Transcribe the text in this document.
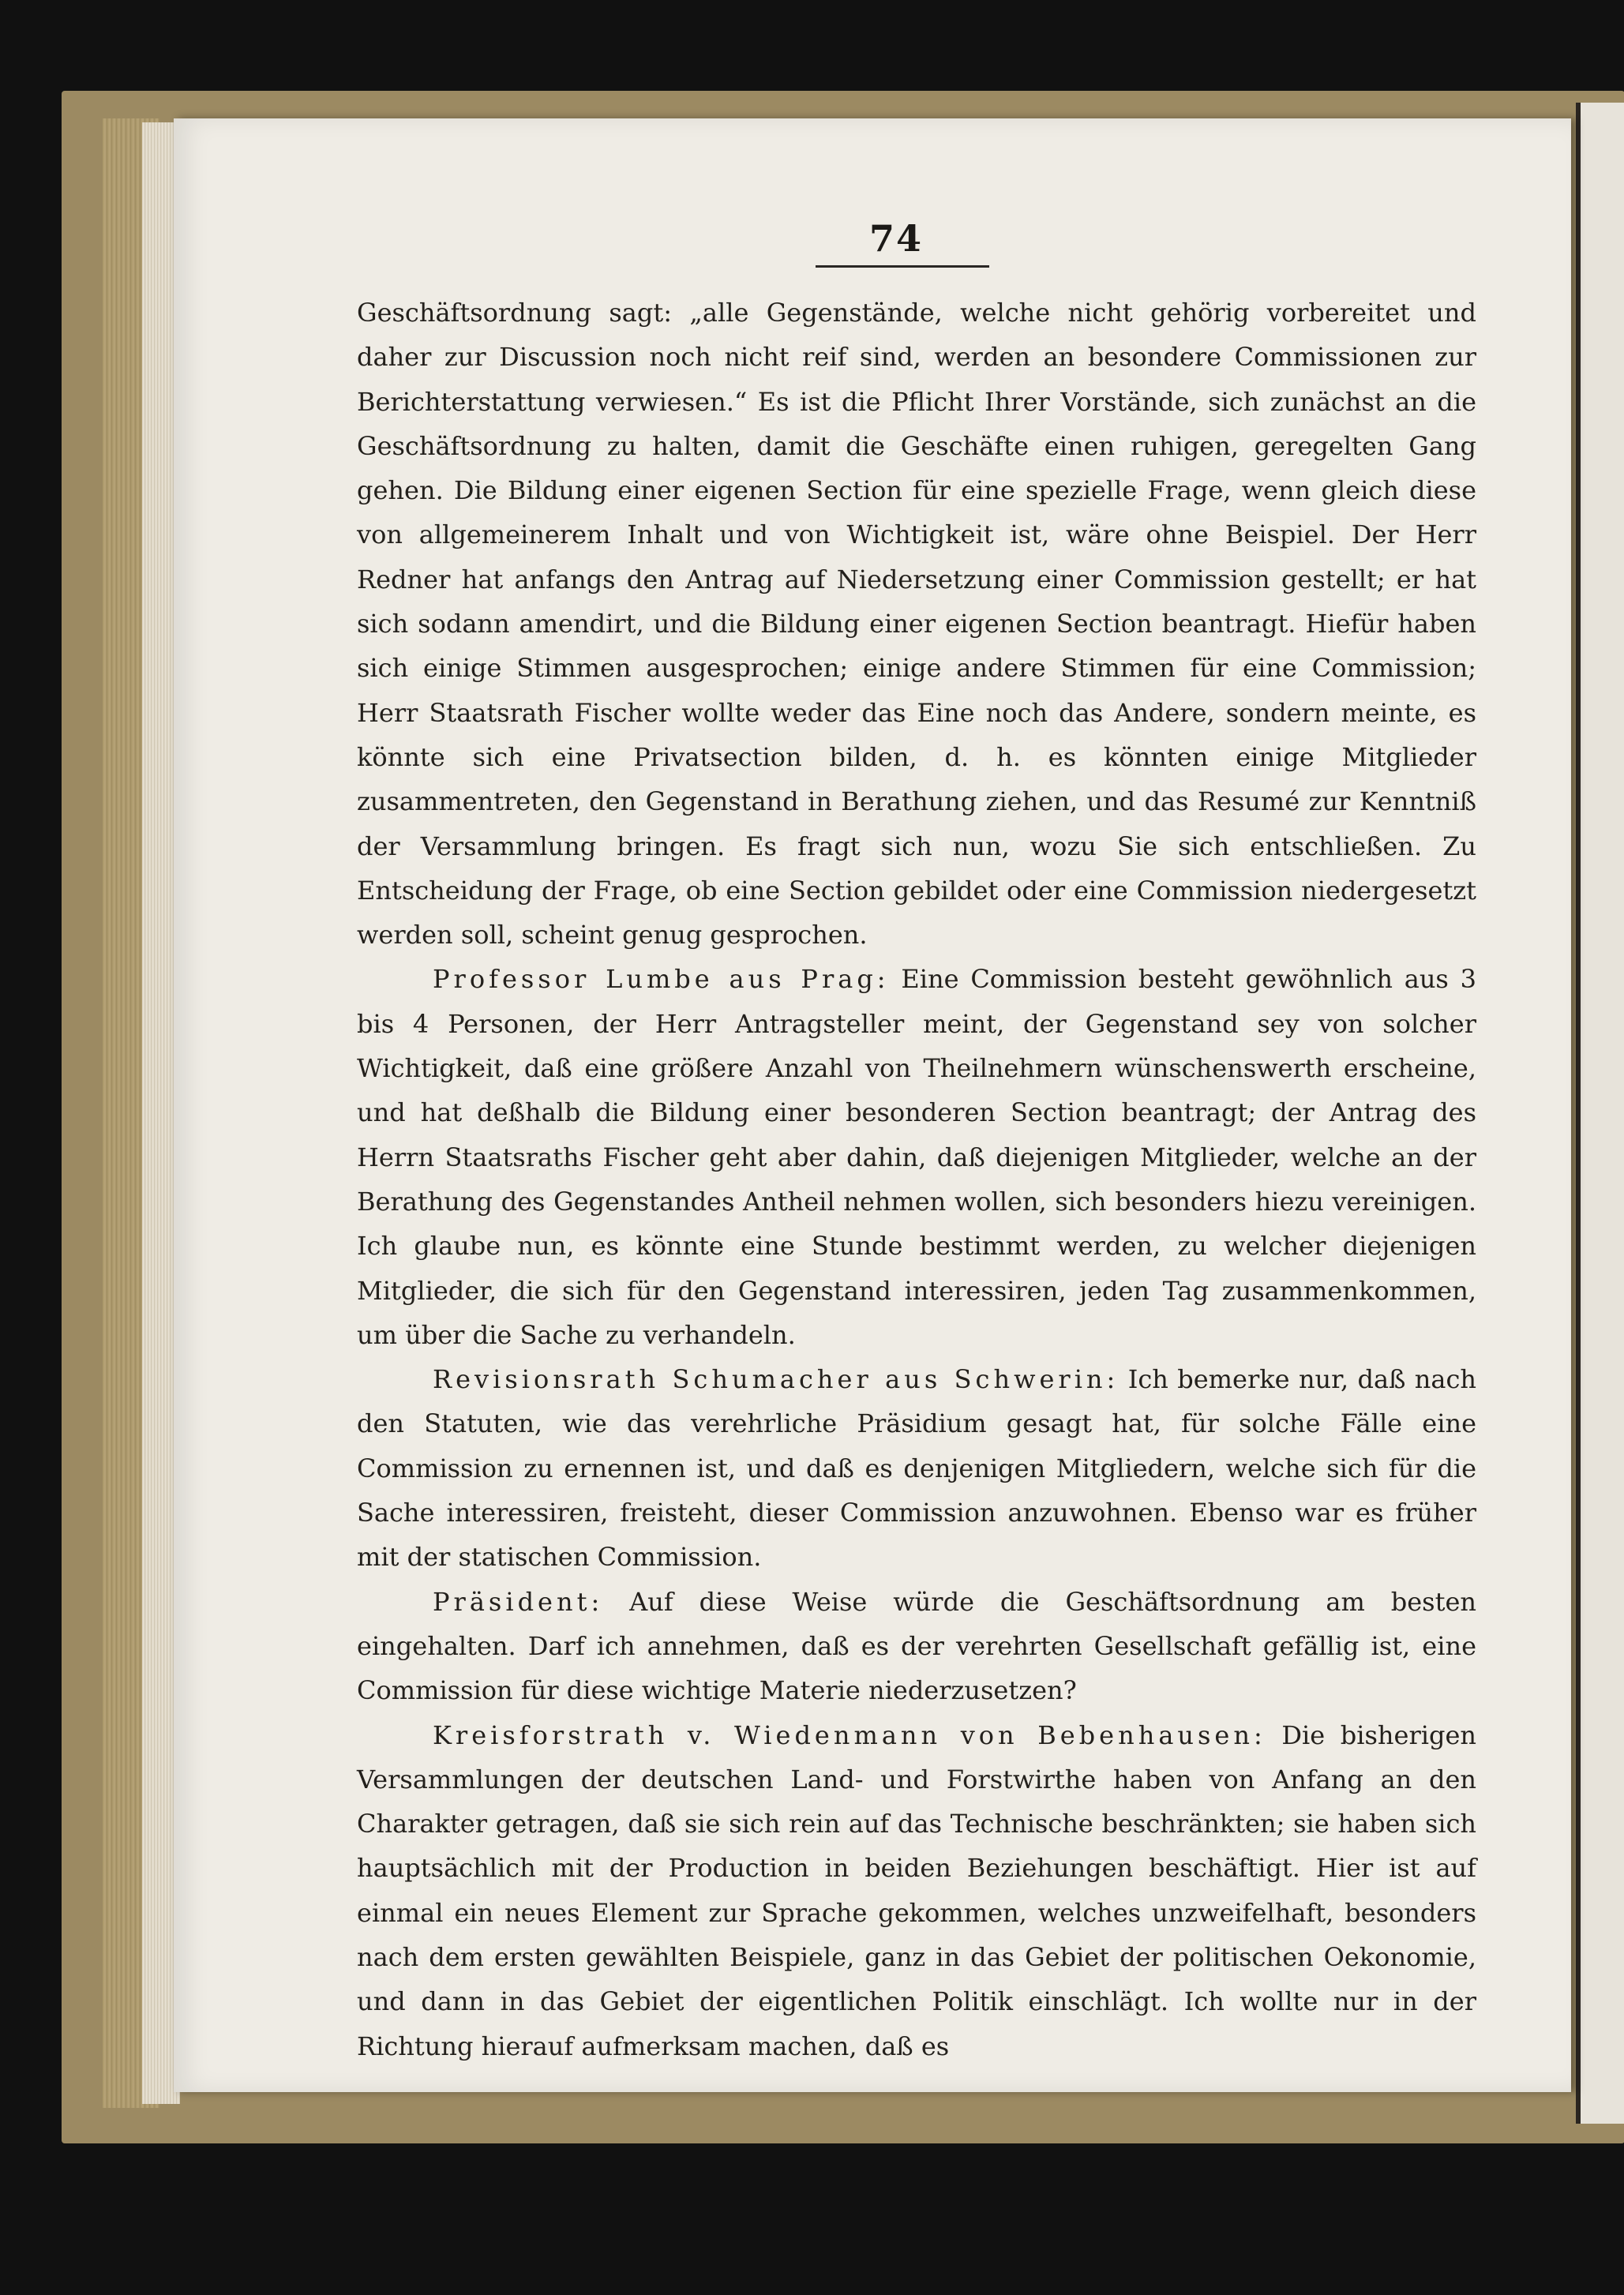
74

Geschäftsordnung sagt: „alle Gegenstände, welche nicht gehörig vorbereitet und daher zur Discussion noch nicht reif sind, werden an besondere Commissionen zur Berichterstattung verwiesen.“ Es ist die Pflicht Ihrer Vorstände, sich zunächst an die Geschäftsordnung zu halten, damit die Geschäfte einen ruhigen, geregelten Gang gehen. Die Bildung einer eigenen Section für eine spezielle Frage, wenn gleich diese von allgemeinerem Inhalt und von Wichtigkeit ist, wäre ohne Beispiel. Der Herr Redner hat anfangs den Antrag auf Niedersetzung einer Commission gestellt; er hat sich sodann amendirt, und die Bildung einer eigenen Section beantragt. Hiefür haben sich einige Stimmen ausgesprochen; einige andere Stimmen für eine Commission; Herr Staatsrath Fischer wollte weder das Eine noch das Andere, sondern meinte, es könnte sich eine Privatsection bilden, d. h. es könnten einige Mitglieder zusammentreten, den Gegenstand in Berathung ziehen, und das Resumé zur Kenntniß der Versammlung bringen. Es fragt sich nun, wozu Sie sich entschließen. Zu Entscheidung der Frage, ob eine Section gebildet oder eine Commission niedergesetzt werden soll, scheint genug gesprochen.

Professor Lumbe aus Prag: Eine Commission besteht gewöhnlich aus 3 bis 4 Personen, der Herr Antragsteller meint, der Gegenstand sey von solcher Wichtigkeit, daß eine größere Anzahl von Theilnehmern wünschenswerth erscheine, und hat deßhalb die Bildung einer besonderen Section beantragt; der Antrag des Herrn Staatsraths Fischer geht aber dahin, daß diejenigen Mitglieder, welche an der Berathung des Gegenstandes Antheil nehmen wollen, sich besonders hiezu vereinigen. Ich glaube nun, es könnte eine Stunde bestimmt werden, zu welcher diejenigen Mitglieder, die sich für den Gegenstand interessiren, jeden Tag zusammenkommen, um über die Sache zu verhandeln.

Revisionsrath Schumacher aus Schwerin: Ich bemerke nur, daß nach den Statuten, wie das verehrliche Präsidium gesagt hat, für solche Fälle eine Commission zu ernennen ist, und daß es denjenigen Mitgliedern, welche sich für die Sache interessiren, freisteht, dieser Commission anzuwohnen. Ebenso war es früher mit der statischen Commission.

Präsident: Auf diese Weise würde die Geschäftsordnung am besten eingehalten. Darf ich annehmen, daß es der verehrten Gesellschaft gefällig ist, eine Commission für diese wichtige Materie niederzusetzen?

Kreisforstrath v. Wiedenmann von Bebenhausen: Die bisherigen Versammlungen der deutschen Land- und Forstwirthe haben von Anfang an den Charakter getragen, daß sie sich rein auf das Technische beschränkten; sie haben sich hauptsächlich mit der Production in beiden Beziehungen beschäftigt. Hier ist auf einmal ein neues Element zur Sprache gekommen, welches unzweifelhaft, besonders nach dem ersten gewählten Beispiele, ganz in das Gebiet der politischen Oekonomie, und dann in das Gebiet der eigentlichen Politik einschlägt. Ich wollte nur in der Richtung hierauf aufmerksam machen, daß es
